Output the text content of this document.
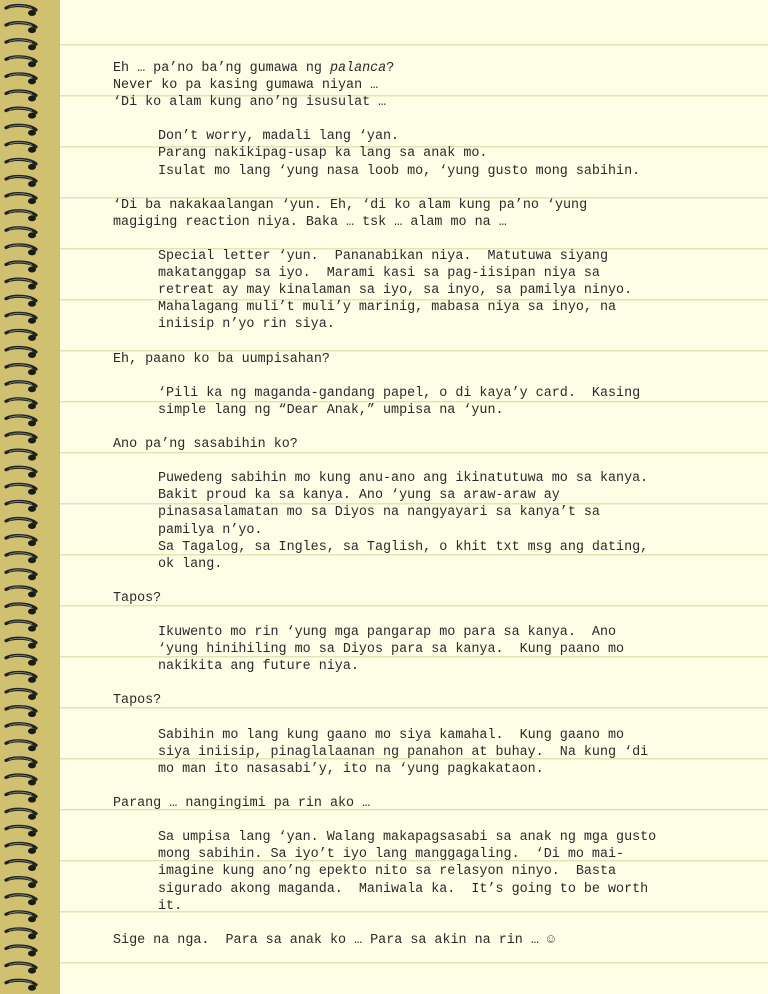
Eh … pa’no ba’ng gumawa ng palanca?
Never ko pa kasing gumawa niyan …
‘Di ko alam kung ano’ng isusulat …
Don’t worry, madali lang ‘yan.
Parang nakikipag-usap ka lang sa anak mo.
Isulat mo lang ‘yung nasa loob mo, ‘yung gusto mong sabihin.
‘Di ba nakakaalangan ‘yun. Eh, ‘di ko alam kung pa’no ‘yung
magiging reaction niya. Baka … tsk … alam mo na …
Special letter ‘yun.  Pananabikan niya.  Matutuwa siyang
makatanggap sa iyo.  Marami kasi sa pag-iisipan niya sa
retreat ay may kinalaman sa iyo, sa inyo, sa pamilya ninyo.
Mahalagang muli’t muli’y marinig, mabasa niya sa inyo, na
iniisip n’yo rin siya.
Eh, paano ko ba uumpisahan?
‘Pili ka ng maganda-gandang papel, o di kaya’y card.  Kasing
simple lang ng “Dear Anak,” umpisa na ‘yun.
Ano pa’ng sasabihin ko?
Puwedeng sabihin mo kung anu-ano ang ikinatutuwa mo sa kanya.
Bakit proud ka sa kanya. Ano ‘yung sa araw-araw ay
pinasasalamatan mo sa Diyos na nangyayari sa kanya’t sa
pamilya n’yo.
Sa Tagalog, sa Ingles, sa Taglish, o khit txt msg ang dating,
ok lang.
Tapos?
Ikuwento mo rin ‘yung mga pangarap mo para sa kanya.  Ano
‘yung hinihiling mo sa Diyos para sa kanya.  Kung paano mo
nakikita ang future niya.
Tapos?
Sabihin mo lang kung gaano mo siya kamahal.  Kung gaano mo
siya iniisip, pinaglalaanan ng panahon at buhay.  Na kung ‘di
mo man ito nasasabi’y, ito na ‘yung pagkakataon.
Parang … nangingimi pa rin ako …
Sa umpisa lang ‘yan. Walang makapagsasabi sa anak ng mga gusto
mong sabihin. Sa iyo’t iyo lang manggagaling.  ‘Di mo mai-
imagine kung ano’ng epekto nito sa relasyon ninyo.  Basta
sigurado akong maganda.  Maniwala ka.  It’s going to be worth
it.
Sige na nga.  Para sa anak ko … Para sa akin na rin … ☺
